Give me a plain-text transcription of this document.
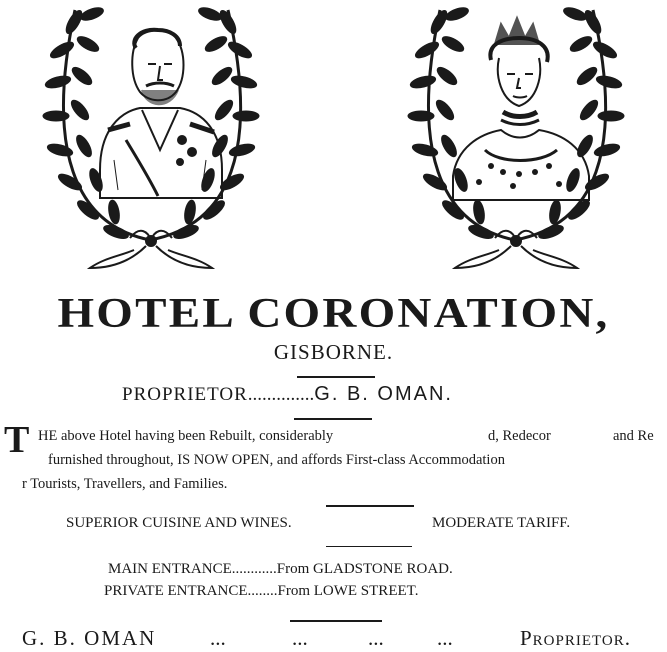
HOTEL CORONATION,
GISBORNE.
PROPRIETOR..............G. B. OMAN.
T HE above Hotel having been Rebuilt, considerably	d, Redecor	and Re
furnished throughout, IS NOW OPEN, and affords First-class Accommodation
r Tourists, Travellers, and Families.
SUPERIOR CUISINE AND WINES.	MODERATE TARIFF.
MAIN ENTRANCE............From GLADSTONE ROAD.
PRIVATE ENTRANCE........From LOWE STREET.
G. B. OMAN	...	...	...	...	Proprietor.
